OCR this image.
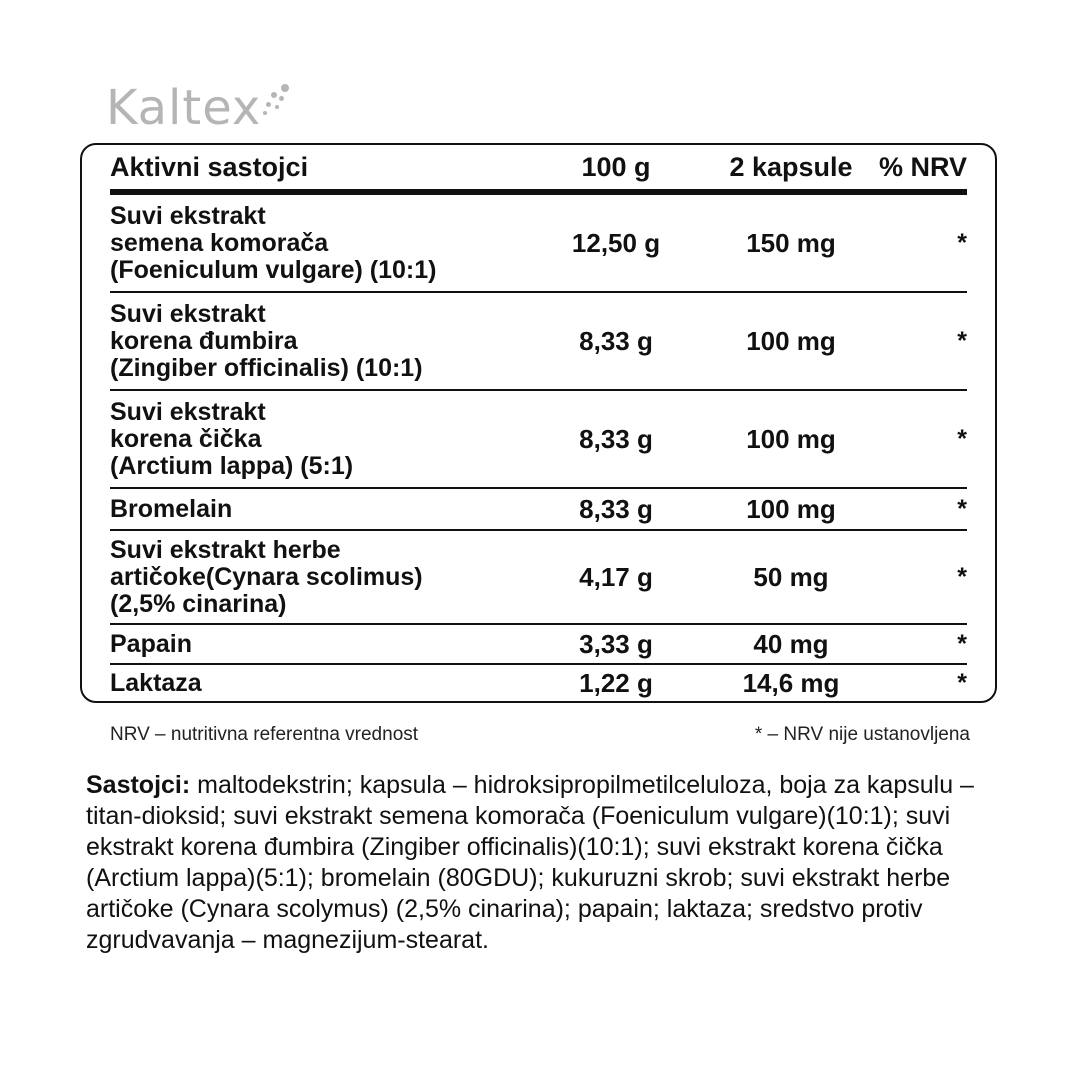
Kaltex
Aktivni sastojci	100 g	2 kapsule % NRV
Suvi ekstrakt
semena komorača
(Foeniculum vulgare) (10:1)
12,50 g	150 mg	*
Suvi ekstrakt
korena đumbira
(Zingiber officinalis) (10:1)
8,33 g	100 mg	*
Suvi ekstrakt
korena čička
(Arctium lappa) (5:1)
8,33 g	100 mg	*
Bromelain	8,33 g	100 mg	*
Suvi ekstrakt herbe
artičoke(Cynara scolimus)
(2,5% cinarina)
4,17 g	50 mg	*
Papain	3,33 g	40 mg	*
Laktaza	1,22 g	14,6 mg	*
NRV – nutritivna referentna vrednost	* – NRV nije ustanovljena
Sastojci: maltodekstrin; kapsula – hidroksipropilmetilceluloza, boja za kapsulu – titan-dioksid; suvi ekstrakt semena komorača (Foeniculum vulgare)(10:1); suvi ekstrakt korena đumbira (Zingiber officinalis)(10:1); suvi ekstrakt korena čička (Arctium lappa)(5:1); bromelain (80GDU); kukuruzni skrob; suvi ekstrakt herbe artičoke (Cynara scolymus) (2,5% cinarina); papain; laktaza; sredstvo protiv zgrudvavanja – magnezijum-stearat.
